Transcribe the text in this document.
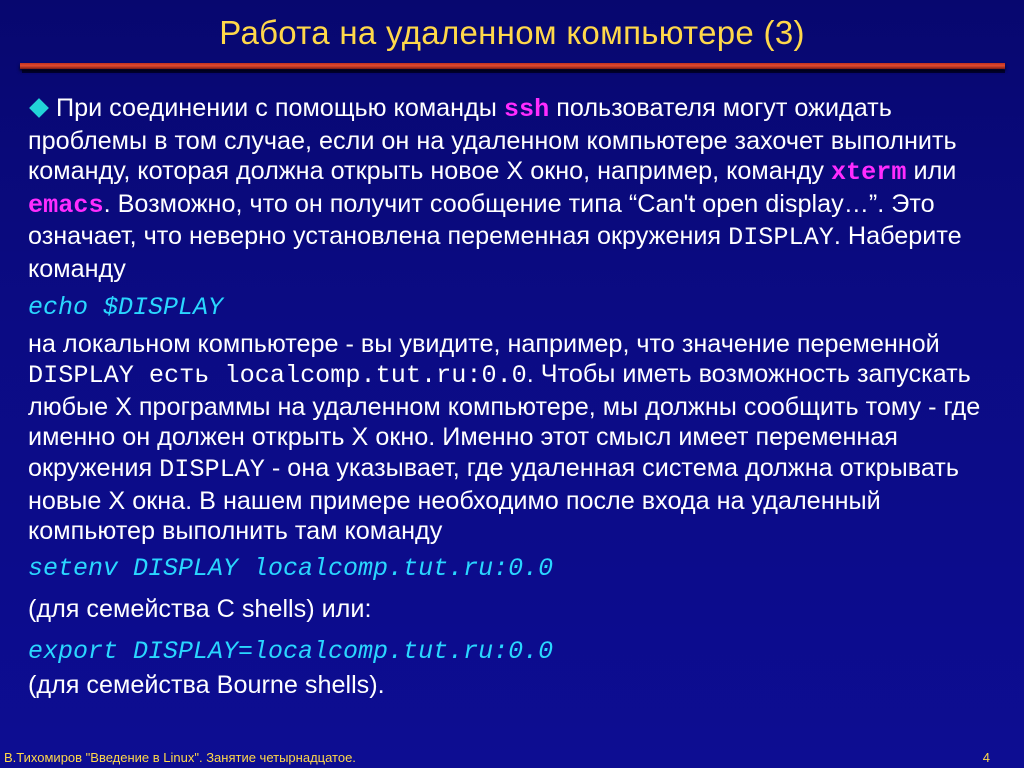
Работа на удаленном компьютере (3)

При соединении с помощью команды ssh пользователя могут ожидать проблемы в том случае, если он на удаленном компьютере захочет выполнить команду, которая должна открыть новое X окно, например, команду xterm или emacs. Возможно, что он получит сообщение типа “Can't open display…”. Это означает, что неверно установлена переменная окружения DISPLAY. Наберите команду

echo $DISPLAY

на локальном компьютере - вы увидите, например, что значение переменной DISPLAY есть localcomp.tut.ru:0.0. Чтобы иметь возможность запускать любые X программы на удаленном компьютере, мы должны сообщить тому - где именно он должен открыть X окно. Именно этот смысл имеет переменная окружения DISPLAY - она указывает, где удаленная система должна открывать новые X окна. В нашем примере необходимо после входа на удаленный компьютер выполнить там команду

setenv DISPLAY localcomp.tut.ru:0.0

(для семейства C shells) или:

export DISPLAY=localcomp.tut.ru:0.0

(для семейства Bourne shells).

В.Тихомиров "Введение в Linux". Занятие четырнадцатое.	4
